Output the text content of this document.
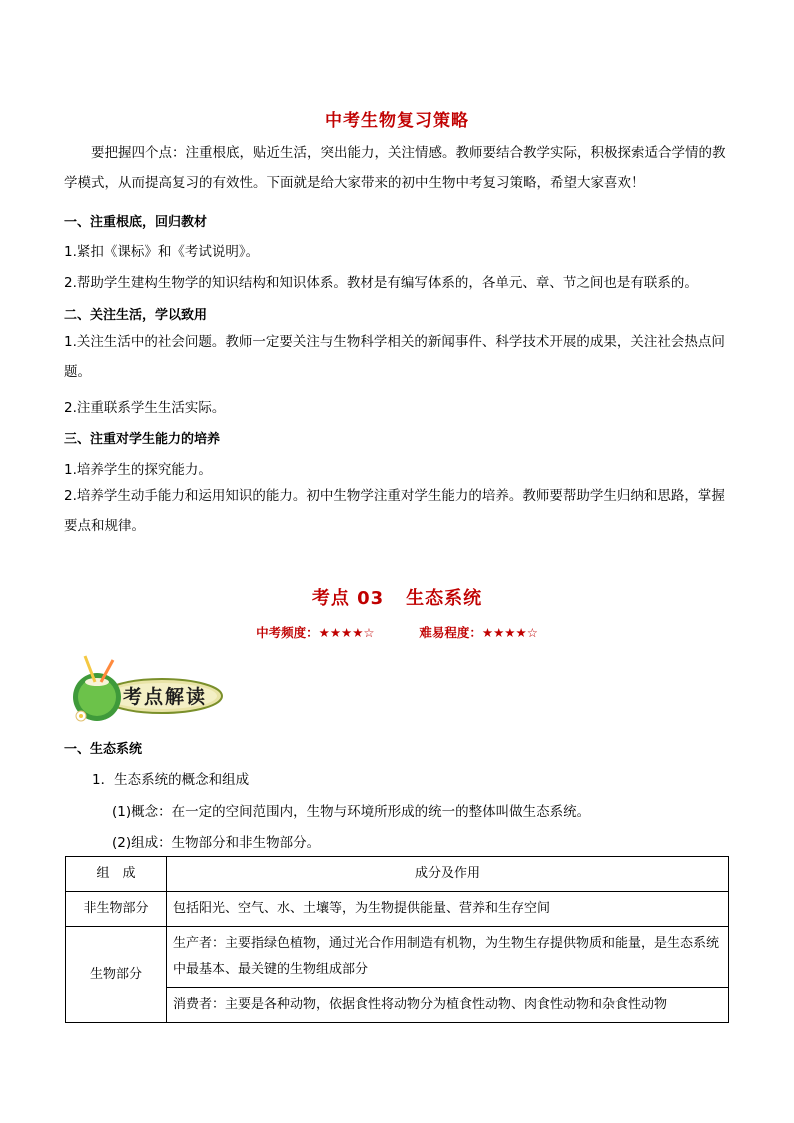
中考生物复习策略
要把握四个点：注重根底，贴近生活，突出能力，关注情感。教师要结合教学实际，积极探索适合学情的教学模式，从而提高复习的有效性。下面就是给大家带来的初中生物中考复习策略，希望大家喜欢！
一、注重根底，回归教材
1.紧扣《课标》和《考试说明》。
2.帮助学生建构生物学的知识结构和知识体系。教材是有编写体系的，各单元、章、节之间也是有联系的。
二、关注生活，学以致用
1.关注生活中的社会问题。教师一定要关注与生物科学相关的新闻事件、科学技术开展的成果，关注社会热点问题。
2.注重联系学生生活实际。
三、注重对学生能力的培养
1.培养学生的探究能力。
2.培养学生动手能力和运用知识的能力。初中生物学注重对学生能力的培养。教师要帮助学生归纳和思路，掌握要点和规律。
考点 03 生态系统
中考频度：★★★★☆	难易程度：★★★★☆
考点解读
一、生态系统
1．生态系统的概念和组成
(1)概念：在一定的空间范围内，生物与环境所形成的统一的整体叫做生态系统。
(2)组成：生物部分和非生物部分。
组　成	成分及作用
非生物部分	包括阳光、空气、水、土壤等，为生物提供能量、营养和生存空间
生物部分	生产者：主要指绿色植物，通过光合作用制造有机物，为生物生存提供物质和能量，是生态系统中最基本、最关键的生物组成部分
	消费者：主要是各种动物，依据食性将动物分为植食性动物、肉食性动物和杂食性动物
